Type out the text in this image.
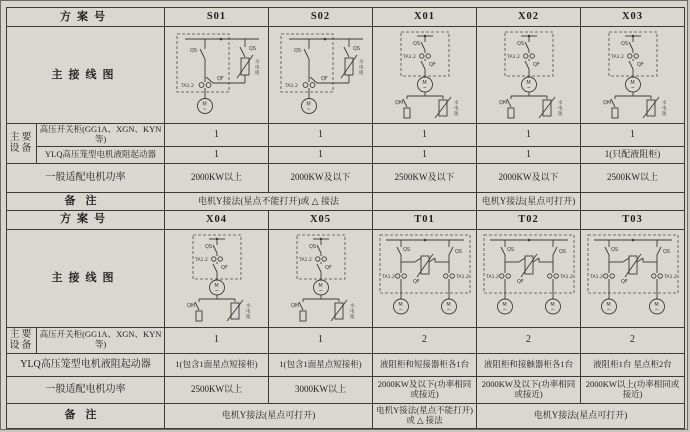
方案号		S01	S02	X01	X02	X03
主接线图	
QS
TA1.2
M
~
QS
QF
水
电
阻

QS
TA1.2
M
~
QS
QF
水
电
阻

QS
TA1.2
QF
M
~
QM	水
电
阻

QS
TA1.2
QF
M
~
QM	水
电
阻

QS
TA1.2
QF
M
~
QM	水
电
阻

主要设备	高压开关柜(GG1A、XGN、KYN等)	1	1	1	1	1
	YLQ高压笼型电机液阻起动器	1	1	1	1	1(只配液阻柜)
一般适配电机功率		2000KW以上	2000KW及以下	2500KW及以下	2000KW及以下	2500KW以上
备注		电机Y接法(星点不能打开)或 △ 接法			电机Y接法(星点可打开)	
方案号		X04	X05	T01	T02	T03
主接线图	
QS
TA1.2
QF
M
~
QM	水
电
阻

QS
TA1.2
QF
M
~
QM	水
电
阻

QS
TA1.2
M
~
QS
TA1.2
M
~
QF

QS
TA1.2
M
~
QS
TA1.2
M
~
QF

QS
TA1.2
M
~
QS
TA1.2
M
~
QF

主要设备	高压开关柜(GG1A、XGN、KYN等)	1	1	2	2	2
YLQ高压笼型电机液阻起动器		1(包含1面星点短接柜)	1(包含1面星点短接柜)	液阻柜和短接器柜各1台	液阻柜和接触器柜各1台	液阻柜1台 星点柜2台
一般适配电机功率		2500KW以上	3000KW以上	2000KW及以下(功率相同或接近)	2000KW及以下(功率相同或接近)	2000KW以上(功率相同或接近)
备注		电机Y接法(星点可打开)		电机Y接法(星点不能打开)或 △ 接法	电机Y接法(星点可打开)	
